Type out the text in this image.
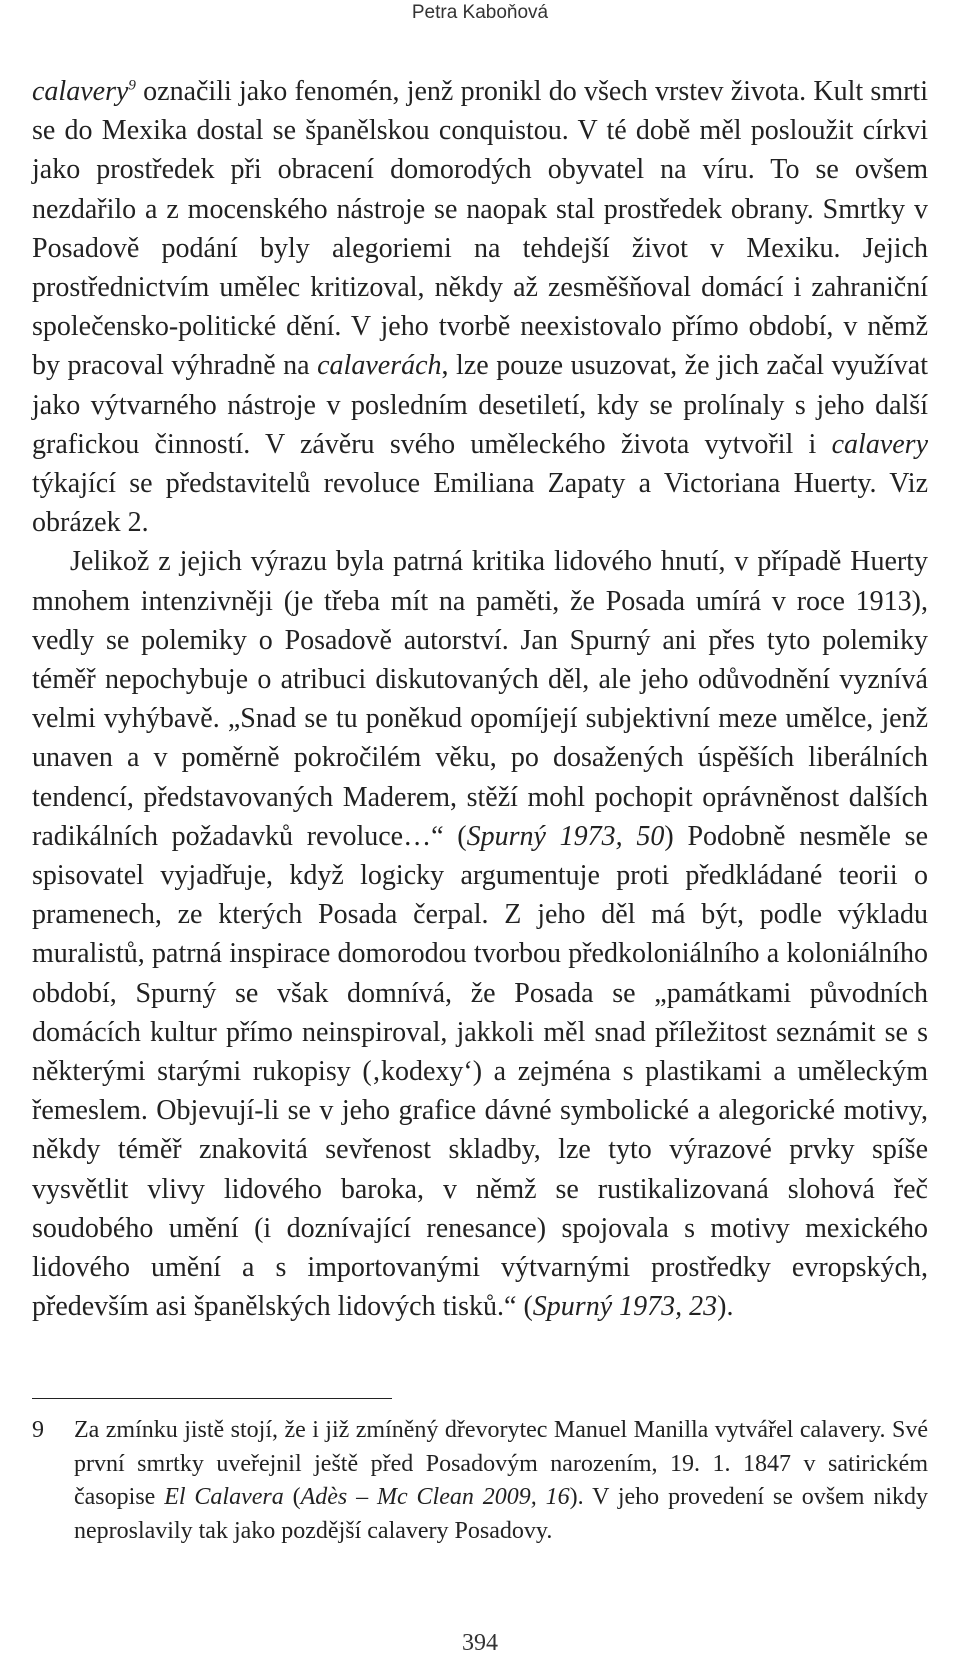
Petra Kaboňová

calavery$^9$ označili jako fenomén, jenž pronikl do všech vrstev života. Kult smrti se do Mexika dostal se španělskou conquistou. V té době měl posloužit církvi jako prostředek při obracení domorodých obyvatel na víru. To se ovšem nezdařilo a z mocenského nástroje se naopak stal prostředek obrany. Smrtky v Posadově podání byly alegoriemi na tehdejší život v Mexiku. Jejich prostřednictvím umělec kritizoval, někdy až zesměšňoval domácí i zahraniční společensko-politické dění. V jeho tvorbě neexistovalo přímo období, v němž by pracoval výhradně na calaverách, lze pouze usuzovat, že jich začal využívat jako výtvarného nástroje v posledním desetiletí, kdy se prolínaly s jeho další grafickou činností. V závěru svého uměleckého života vytvořil i calavery týkající se představitelů revoluce Emiliana Zapaty a Victoriana Huerty. Viz obrázek 2.

Jelikož z jejich výrazu byla patrná kritika lidového hnutí, v případě Huerty mnohem intenzivněji (je třeba mít na paměti, že Posada umírá v roce 1913), vedly se polemiky o Posadově autorství. Jan Spurný ani přes tyto polemiky téměř nepochybuje o atribuci diskutovaných děl, ale jeho odůvodnění vyznívá velmi vyhýbavě. „Snad se tu poněkud opomíjejí subjektivní meze umělce, jenž unaven a v poměrně pokročilém věku, po dosažených úspěších liberálních tendencí, představovaných Maderem, stěží mohl pochopit oprávněnost dalších radikálních požadavků revoluce…“ (Spurný 1973, 50) Podobně nesměle se spisovatel vyjadřuje, když logicky argumentuje proti předkládané teorii o pramenech, ze kterých Posada čerpal. Z jeho děl má být, podle výkladu muralistů, patrná inspirace domorodou tvorbou předkoloniálního a koloniálního období, Spurný se však domnívá, že Posada se „památkami původních domácích kultur přímo neinspiroval, jakkoli měl snad příležitost seznámit se s některými starými rukopisy (‚kodexy‘) a zejména s plastikami a uměleckým řemeslem. Objevují-li se v jeho grafice dávné symbolické a alegorické motivy, někdy téměř znakovitá sevřenost skladby, lze tyto výrazové prvky spíše vysvětlit vlivy lidového baroka, v němž se rustikalizovaná slohová řeč soudobého umění (i doznívající renesance) spojovala s motivy mexického lidového umění a s importovanými výtvarnými prostředky evropských, především asi španělských lidových tisků.“ (Spurný 1973, 23).

9 Za zmínku jistě stojí, že i již zmíněný dřevorytec Manuel Manilla vytvářel calavery. Své první smrtky uveřejnil ještě před Posadovým narozením, 19. 1. 1847 v satirickém časopise El Calavera (Adès – Mc Clean 2009, 16). V jeho provedení se ovšem nikdy neproslavily tak jako pozdější calavery Posadovy.
394
